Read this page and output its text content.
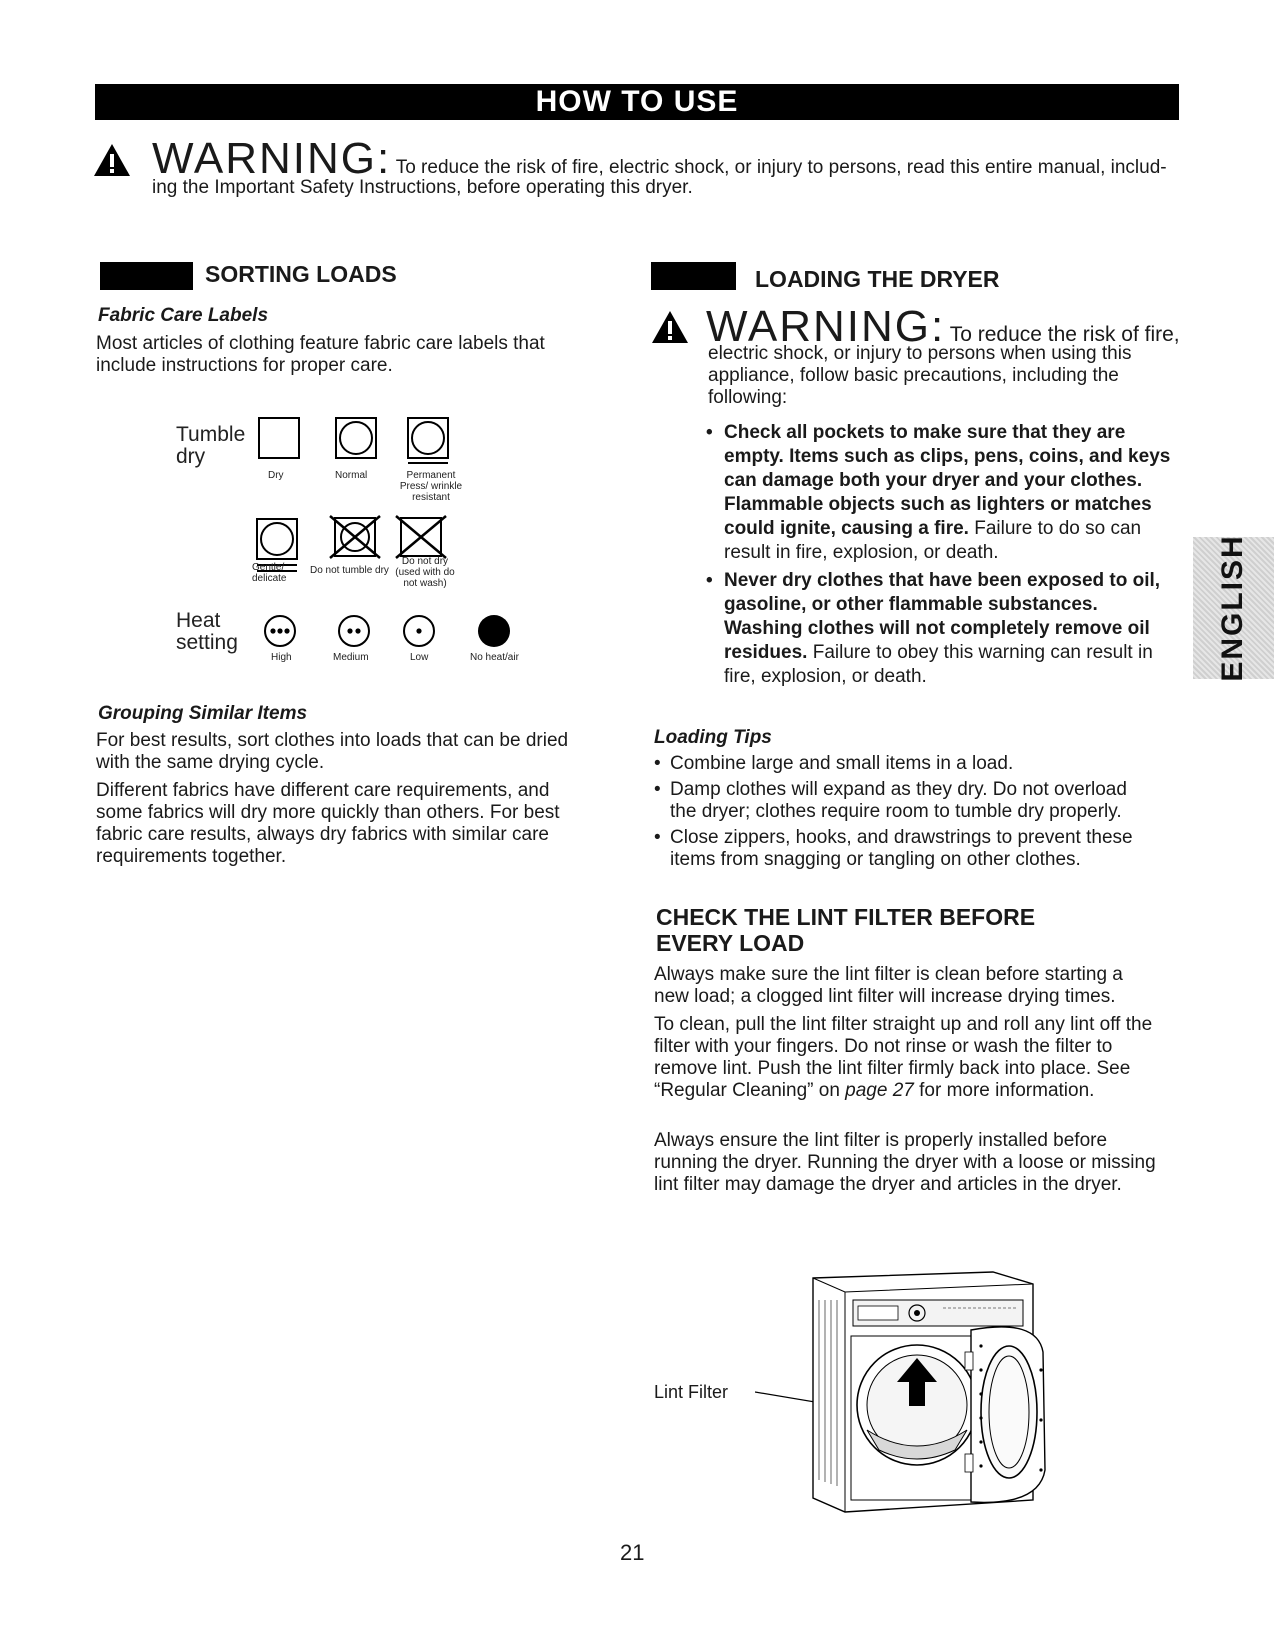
HOW TO USE
WARNING: To reduce the risk of fire, electric shock, or injury to persons, read this entire manual, includ-
ing the Important Safety Instructions, before operating this dryer.
SORTING LOADS
Fabric Care Labels
Most articles of clothing feature fabric care labels that include instructions for proper care.
Tumble dry
Dry	Normal	Permanent Press/ wrinkle resistant
Gentle/ delicate
Do not tumble dry
Do not dry (used with do not wash)
Heat setting
High	Medium	Low	No heat/air
Grouping Similar Items
For best results, sort clothes into loads that can be dried with the same drying cycle.
Different fabrics have different care requirements, and some fabrics will dry more quickly than others. For best fabric care results, always dry fabrics with similar care requirements together.
LOADING THE DRYER
WARNING: To reduce the risk of fire,
electric shock, or injury to persons when using this appliance, follow basic precautions, including the following:
• Check all pockets to make sure that they are empty. Items such as clips, pens, coins, and keys can damage both your dryer and your clothes. Flammable objects such as lighters or matches could ignite, causing a fire. Failure to do so can result in fire, explosion, or death.
• Never dry clothes that have been exposed to oil, gasoline, or other flammable substances. Washing clothes will not completely remove oil residues. Failure to obey this warning can result in fire, explosion, or death.
Loading Tips
• Combine large and small items in a load.
• Damp clothes will expand as they dry. Do not overload the dryer; clothes require room to tumble dry properly.
• Close zippers, hooks, and drawstrings to prevent these items from snagging or tangling on other clothes.
CHECK THE LINT FILTER BEFORE EVERY LOAD
Always make sure the lint filter is clean before starting a new load; a clogged lint filter will increase drying times.
To clean, pull the lint filter straight up and roll any lint off the filter with your fingers. Do not rinse or wash the filter to remove lint. Push the lint filter firmly back into place. See “Regular Cleaning” on page 27 for more information.
Always ensure the lint filter is properly installed before running the dryer. Running the dryer with a loose or missing lint filter may damage the dryer and articles in the dryer.
Lint Filter
ENGLISH
21
